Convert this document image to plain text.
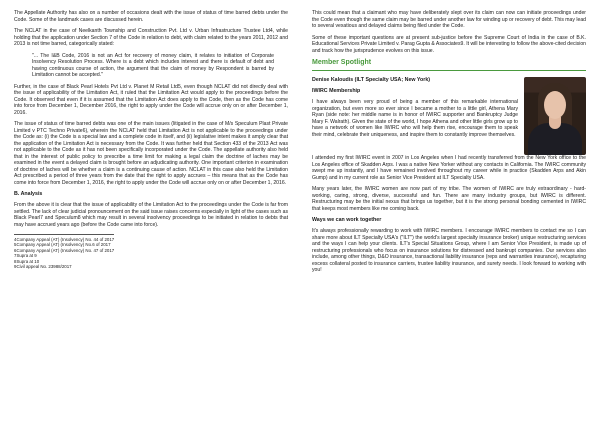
The Appellate Authority has also on a number of occasions dealt with the issue of status of time barred debts under the Code. Some of the landmark cases are discussed herein.

The NCLAT in the case of Neelkanth Township and Construction Pvt. Ltd v. Urban Infrastructure Trustee Ltd4, while holding that the application under Section 7 of the Code in relation to debt, with claim related to the years 2011, 2012 and 2013 is not time barred, categorically stated:

"... The I&B Code, 2016 is not an Act for recovery of money claim, it relates to initiation of Corporate Insolvency Resolution Process. Where is a debt which includes interest and there is default of debt and having continuous course of action, the argument that the claim of money by Respondent is barred by Limitation cannot be accepted."

Further, in the case of Black Pearl Hotels Pvt Ltd v. Planet M Retail Ltd5, even though NCLAT did not directly deal with the issue of applicability of the Limitation Act, it ruled that the Limitation Act would apply to the proceedings before the Code. It observed that even if it is assumed that the Limitation Act does apply to the Code, then as the Code has come into force from December 1, December 2016, the right to apply under the Code will accrue only on or after December 1, 2016.

The issue of status of time barred debts was one of the main issues (litigated in the case of M/s Speculum Plast Private Limited v PTC Techno Private6), wherein the NCLAT held that Limitation Act is not applicable to the proceedings under the Code as: (i) the Code is a special law and a complete code in itself, and (ii) legislative intent makes it amply clear that the application of the Limitation Act is necessary from the Code. It was further held that Section 433 of the 2013 Act was not applicable to the Code as it has not been specifically incorporated under the Code. The appellate authority also held that in the interest of public policy to prescribe a time limit for making a legal claim the doctrine of laches may be examined in the event a delayed claim is brought before an adjudicating authority. One important criterion in examination of doctrine of laches will be whether a claim is a continuing cause of action. NCLAT in this case also held the Limitation Act prescribed a period of three years from the date that the right to apply accrues – this means that as the Code has come into force from December 1, 2016, the right to apply under the Code will accrue only on or after December 1, 2016.

B. Analysis

From the above it is clear that the issue of applicability of the Limitation Act to the proceedings under the Code is far from settled. The lack of clear judicial pronouncement on the said issue raises concerns especially in light of the cases such as Black Pearl7 and Speculum8 which may result in several insolvency proceedings to be initiated in relation to debts that may have accrued years ago (before the Code came into force).

4Company Appeal (AT) (Insolvency) No. 44 of 2017

5Company Appeal (AT) (Insolvency) No.6 of 2017

6Company Appeal (AT) (Insolvency) No. 47 of 2017

7Supra at 9

8Supra at 10

9Civil appeal No. 23988/2017

This could mean that a claimant who may have deliberately slept over its claim can now can initiate proceedings under the Code even though the same claim may be barred under another law for winding up or recovery of debt. This may lead to several vexatious and delayed claims being filed under the Code.

Some of these important questions are at present sub-justice before the Supreme Court of India in the case of B.K. Educational Services Private Limited v. Parag Gupta & Associates9. It will be interesting to follow the above-cited decision and track how the jurisprudence evolves on this issue.

Member Spotlight
Denise Kaloudis (ILT Specialty USA; New York)
IWIRC Membership

I have always been very proud of being a member of this remarkable international organization, but even more so ever since I became a mother to a little girl, Athena Mary Ryan (side note: her middle name is in honor of IWIRC supporter and Bankruptcy Judge Mary F. Walrath). Given the state of the world, I hope Athena and other little girls grow up to have a network of women like IWIRC who will help them rise, encourage them to speak their mind, celebrate their uniqueness, and inspire them to constantly improve themselves.

I attended my first IWIRC event in 2007 in Los Angeles when I had recently transferred from the New York office to the Los Angeles office of Skadden Arps. I was a native New Yorker without any contacts in California. The IWIRC community swept me up instantly, and I have remained involved throughout my career while in practice (Skadden Arps and Akin Gump) and in my current role as Senior Vice President at ILT Specialty USA.

Many years later, the IWIRC women are now part of my tribe. The women of IWIRC are truly extraordinary - hard-working, caring, strong, diverse, successful and fun. There are many industry groups, but IWIRC is different. Restructuring may be the initial nexus that brings us together, but it is the strong personal bonding cemented in IWIRC that keeps most members like me coming back.

Ways we can work together

It's always professionally rewarding to work with IWIRC members. I encourage IWIRC members to contact me so I can share more about ILT Specialty USA's ("ILT") the world's largest specialty insurance broker) unique restructuring services and the ways I can help your clients. ILT's Special Situations Group, where I am Senior Vice President, is made up of restructuring professionals who focus on insurance solutions for distressed and bankrupt companies. Our services also include, among other things, D&O insurance, transactional liability insurance (reps and warranties insurance), recapturing excess collateral posted to insurance carriers, trustee liability insurance, and surety needs. I look forward to working with you!
